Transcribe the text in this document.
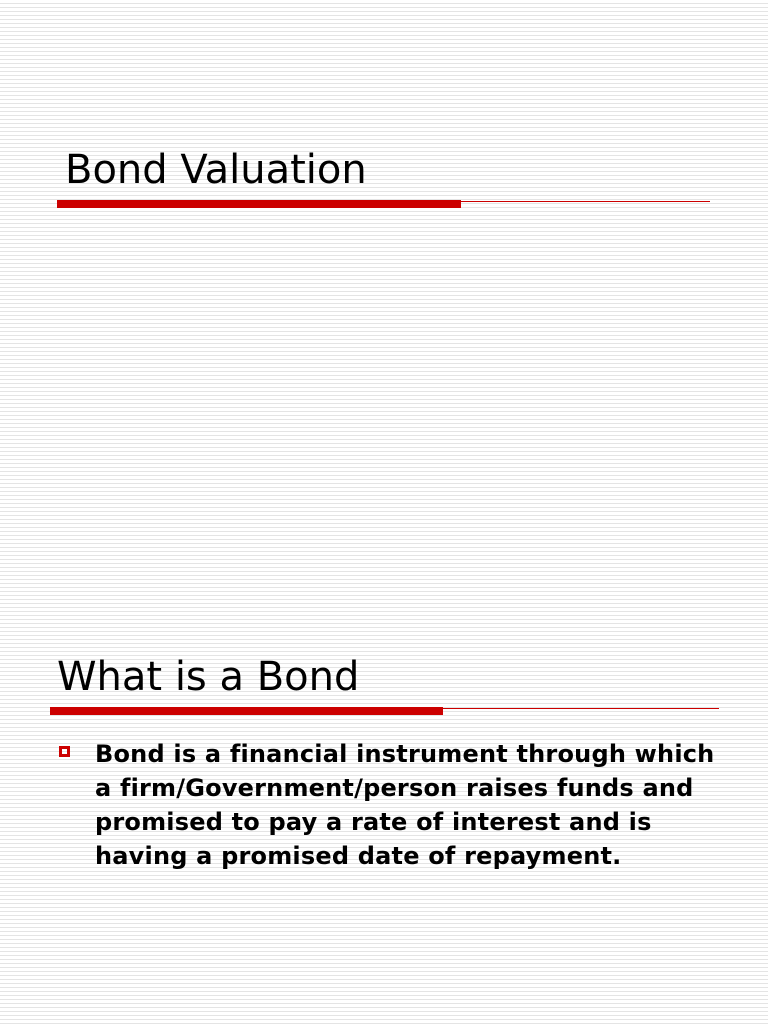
Bond Valuation
What is a Bond
Bond is a financial instrument through which a firm/Government/person raises funds and promised to pay a rate of interest and is having a promised date of repayment.
